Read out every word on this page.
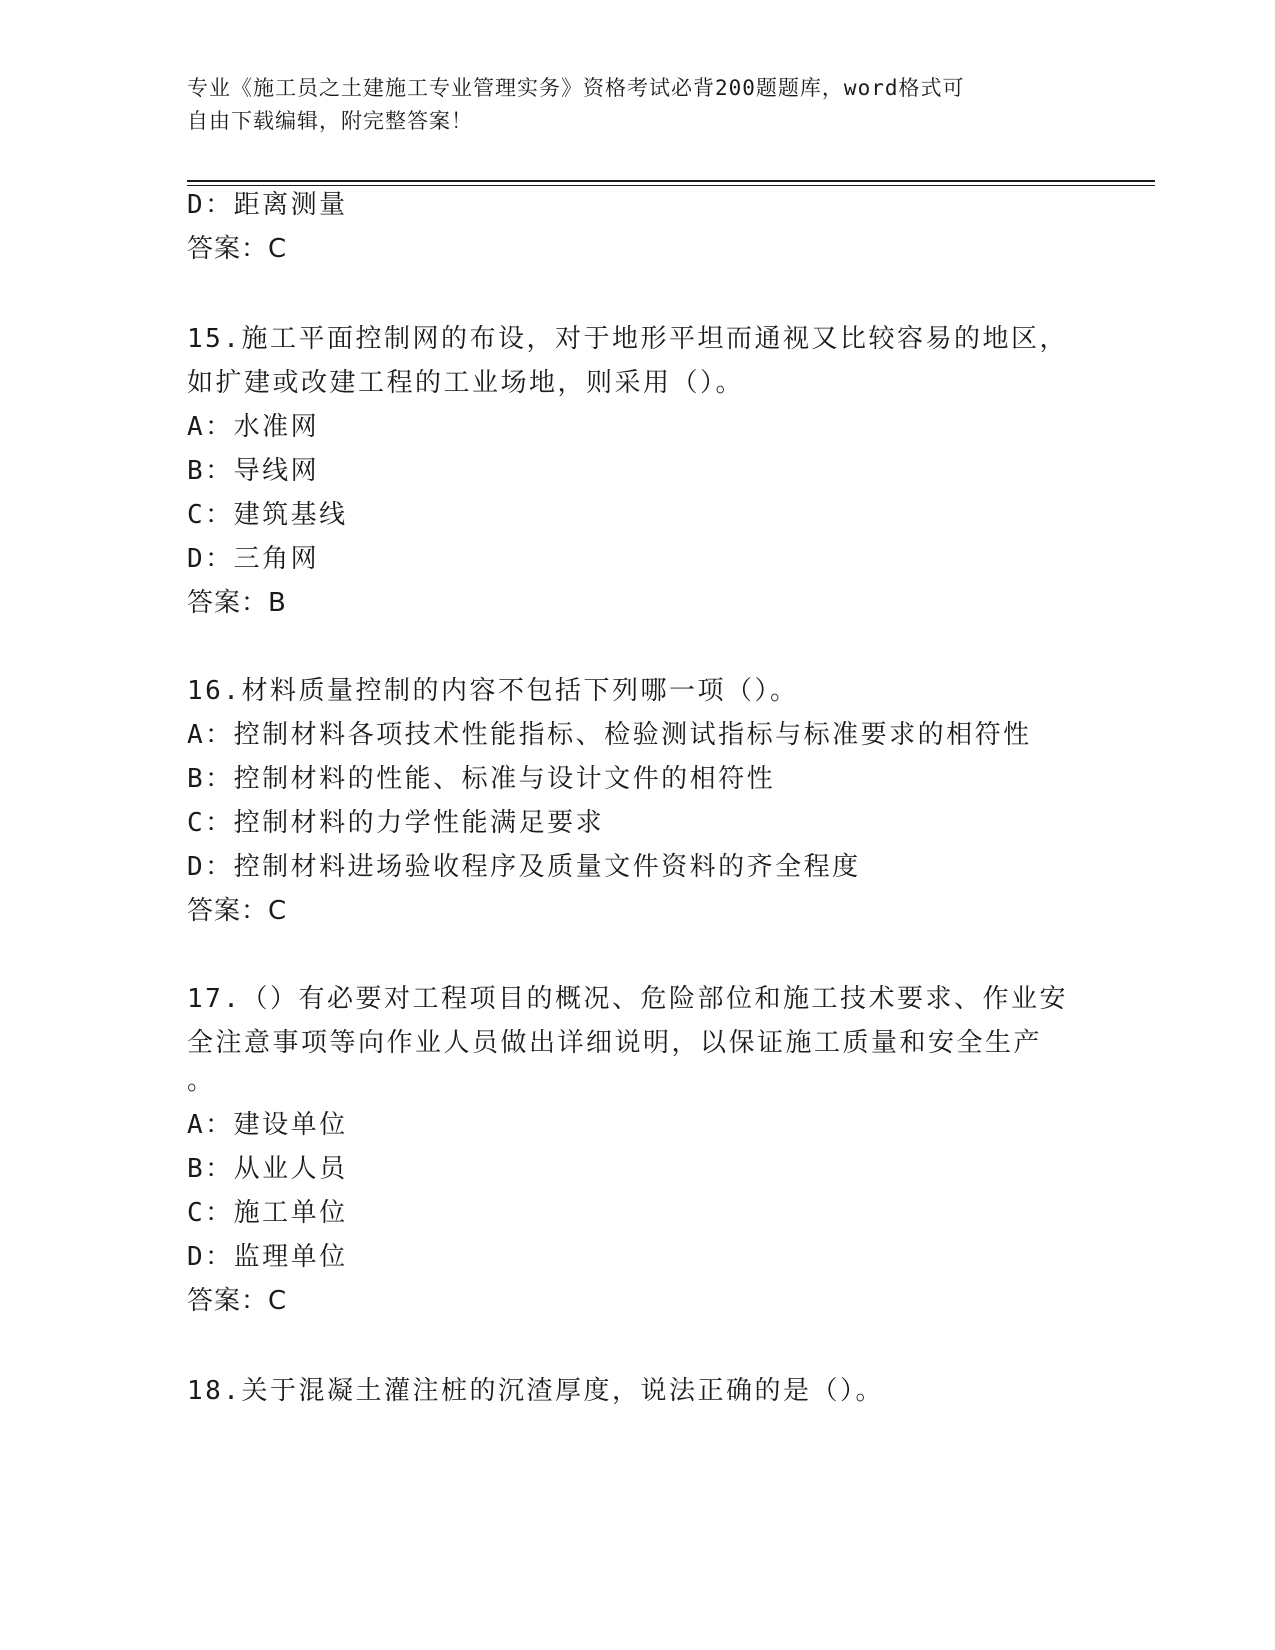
专业《施工员之土建施工专业管理实务》资格考试必背200题题库，word格式可
自由下载编辑，附完整答案！
D：距离测量
答案：C
15.施工平面控制网的布设，对于地形平坦而通视又比较容易的地区，
如扩建或改建工程的工业场地，则采用（）。
A：水准网
B：导线网
C：建筑基线
D：三角网
答案：B
16.材料质量控制的内容不包括下列哪一项（）。
A：控制材料各项技术性能指标、检验测试指标与标准要求的相符性
B：控制材料的性能、标准与设计文件的相符性
C：控制材料的力学性能满足要求
D：控制材料进场验收程序及质量文件资料的齐全程度
答案：C
17.（）有必要对工程项目的概况、危险部位和施工技术要求、作业安
全注意事项等向作业人员做出详细说明，以保证施工质量和安全生产
。
A：建设单位
B：从业人员
C：施工单位
D：监理单位
答案：C
18.关于混凝土灌注桩的沉渣厚度，说法正确的是（）。
